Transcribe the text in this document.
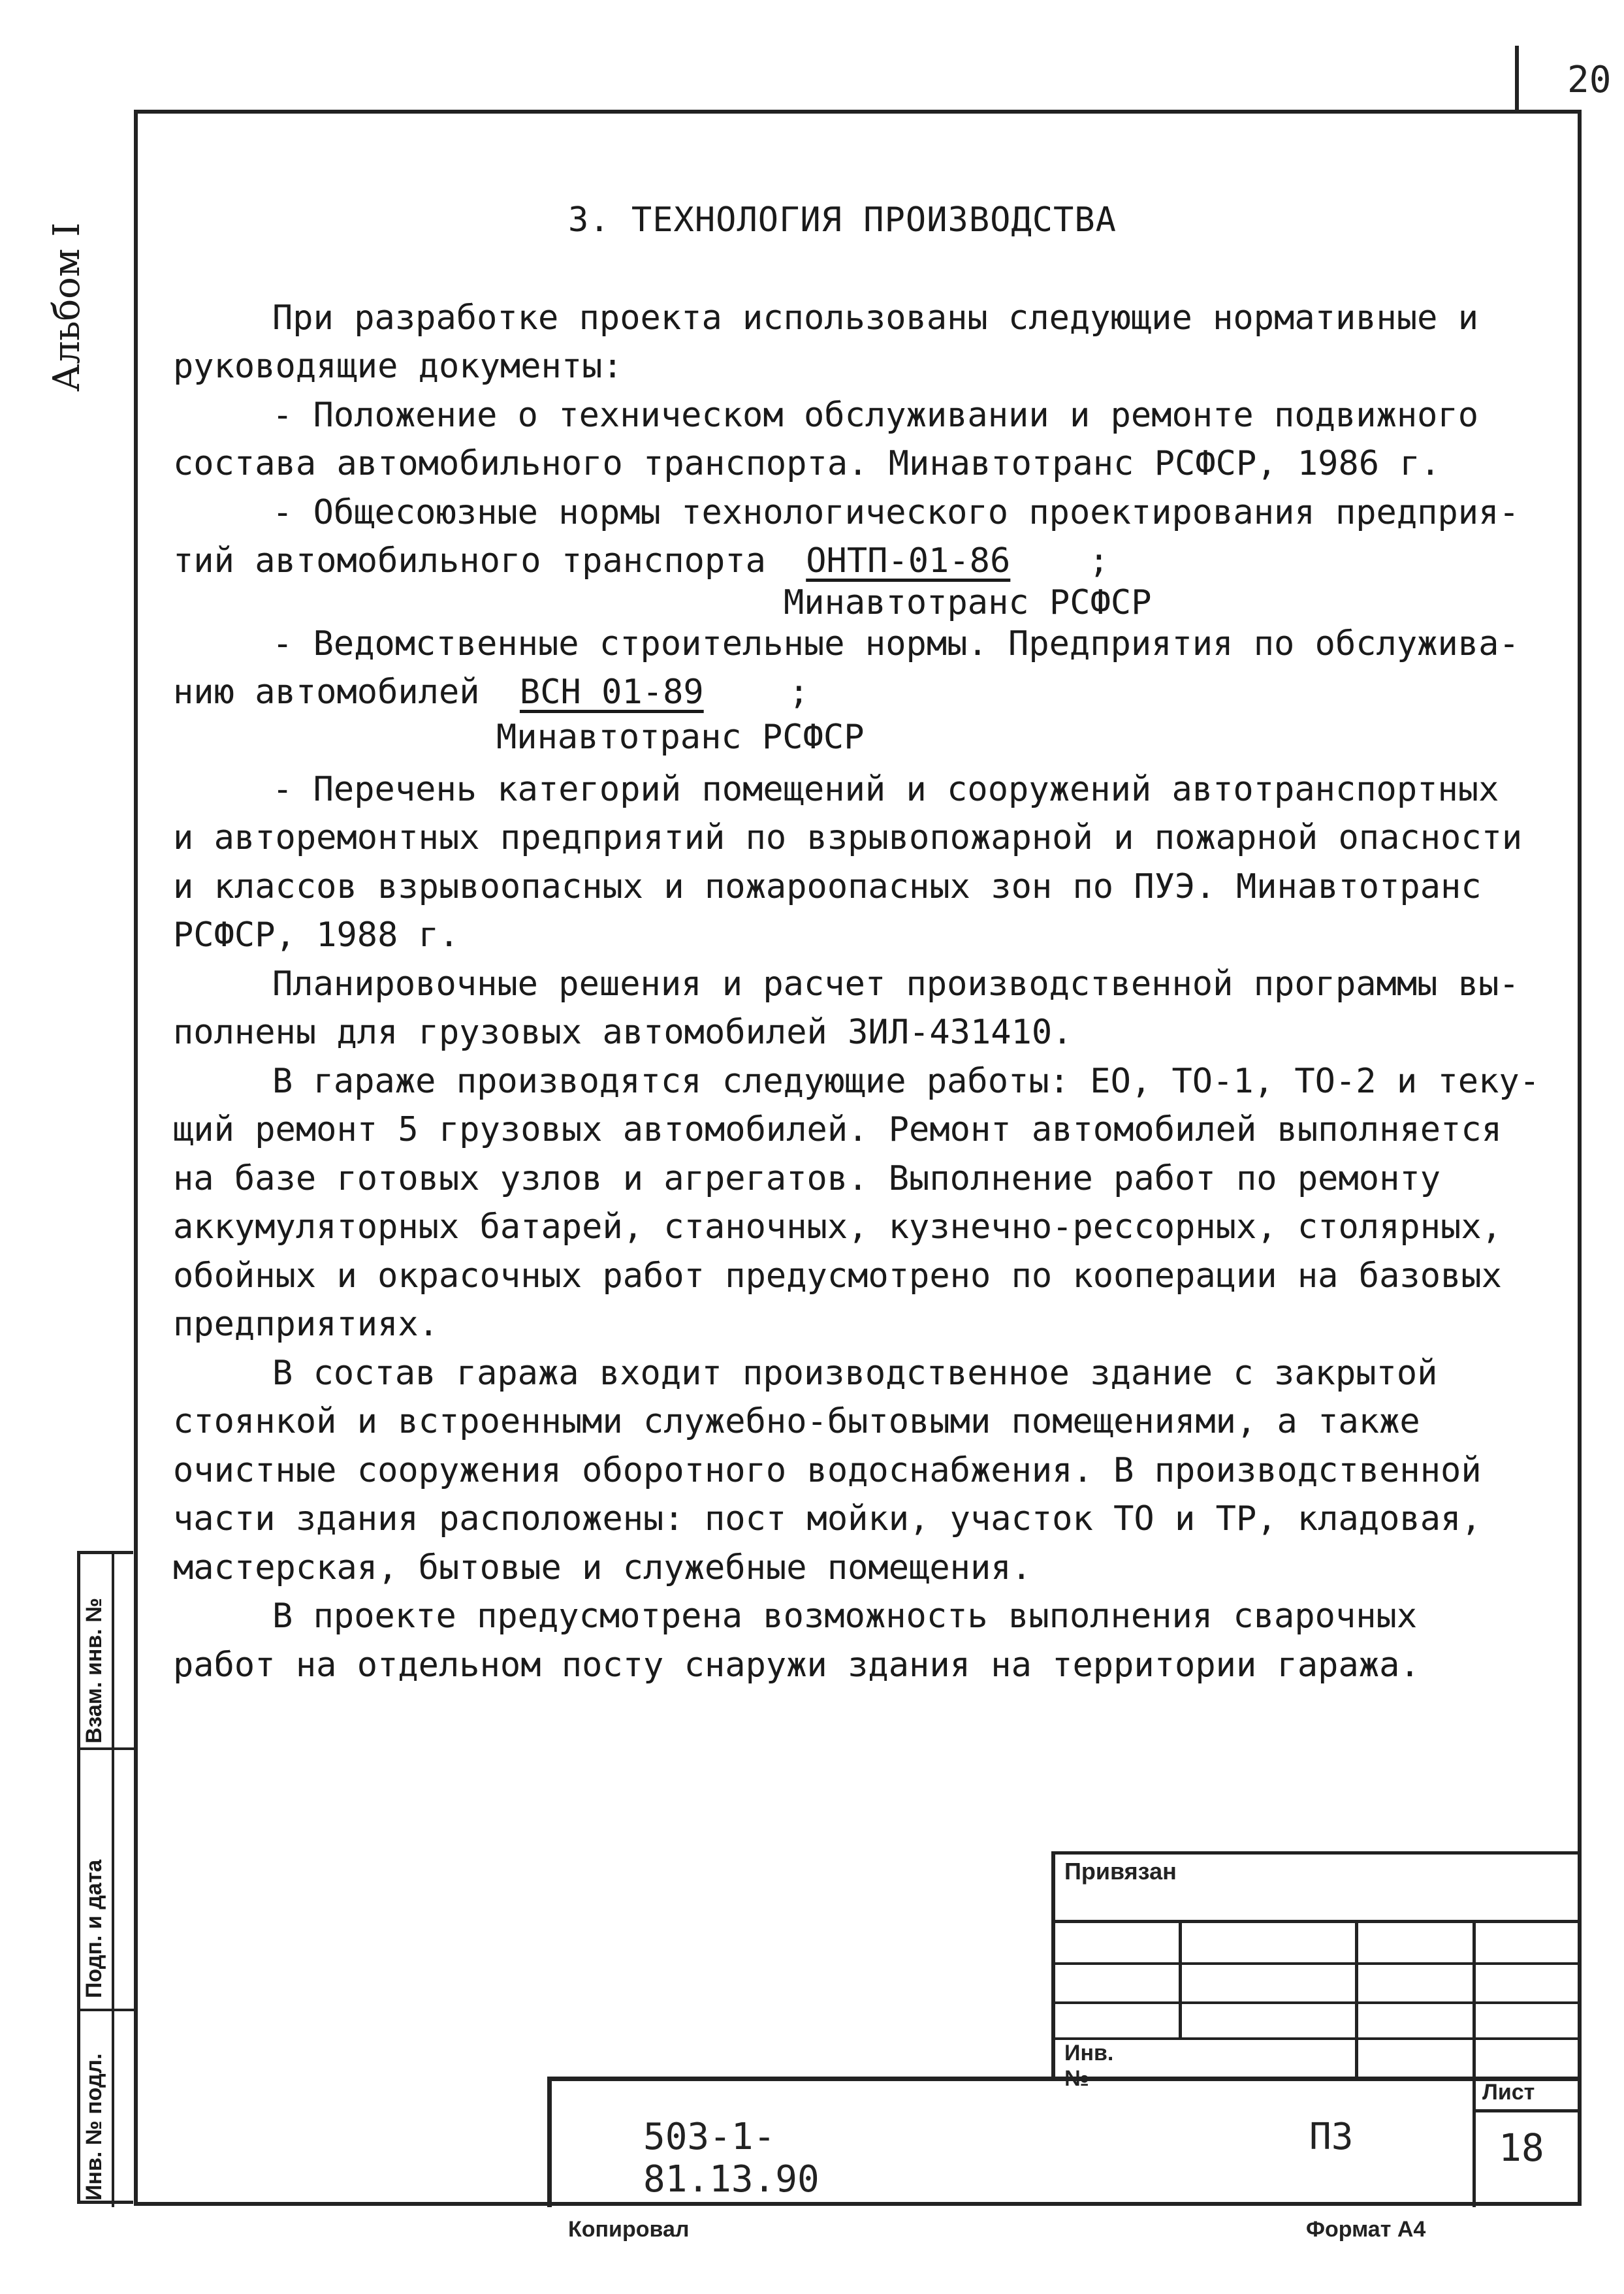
20
Альбом I
Взам. инв. №
Подп. и дата
Инв. № подл.
3. ТЕХНОЛОГИЯ ПРОИЗВОДСТВА
При разработке проекта использованы следующие нормативные и
руководящие документы:
- Положение о техническом обслуживании и ремонте подвижного
состава автомобильного транспорта. Минавтотранс РСФСР, 1986 г.
- Общесоюзные нормы технологического проектирования предприя-
тий автомобильного транспорта ОНТП-01-86 ;
Минавтотранс РСФСР
- Ведомственные строительные нормы. Предприятия по обслужива-
нию автомобилей ВСН 01-89	;
Минавтотранс РСФСР
- Перечень категорий помещений и сооружений автотранспортных
и авторемонтных предприятий по взрывопожарной и пожарной опасности
и классов взрывоопасных и пожароопасных зон по ПУЭ. Минавтотранс
РСФСР, 1988 г.
Планировочные решения и расчет производственной программы вы-
полнены для грузовых автомобилей ЗИЛ-431410.
В гараже производятся следующие работы: ЕО, ТО-1, ТО-2 и теку-
щий ремонт 5 грузовых автомобилей. Ремонт автомобилей выполняется
на базе готовых узлов и агрегатов. Выполнение работ по ремонту
аккумуляторных батарей, станочных, кузнечно-рессорных, столярных,
обойных и окрасочных работ предусмотрено по кооперации на базовых
предприятиях.
В состав гаража входит производственное здание с закрытой
стоянкой и встроенными служебно-бытовыми помещениями, а также
очистные сооружения оборотного водоснабжения. В производственной
части здания расположены: пост мойки, участок ТО и ТР, кладовая,
мастерская, бытовые и служебные помещения.
В проекте предусмотрена возможность выполнения сварочных
работ на отдельном посту снаружи здания на территории гаража.
Привязан
Инв. №
Лист
503-1-81.13.90
ПЗ	18
Копировал	Формат А4
